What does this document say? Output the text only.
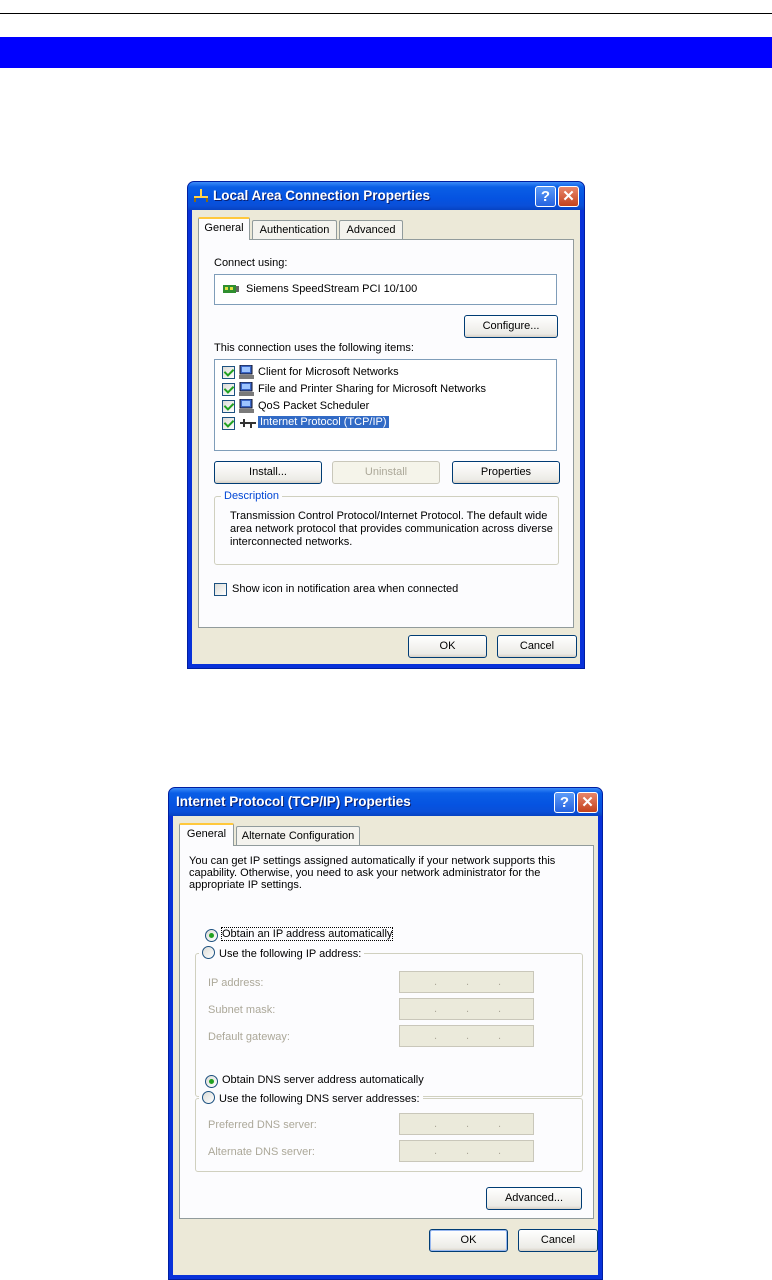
Local Area Connection Properties	? ✕
General	Authentication	Advanced
Connect using:
Siemens SpeedStream PCI 10/100
Configure...
This connection uses the following items:
Client for Microsoft Networks
File and Printer Sharing for Microsoft Networks
QoS Packet Scheduler
Internet Protocol (TCP/IP)
Install...	Uninstall	Properties
Description
Transmission Control Protocol/Internet Protocol. The default wide area network protocol that provides communication across diverse interconnected networks.
Show icon in notification area when connected
OK	Cancel
Internet Protocol (TCP/IP) Properties	? ✕
General	Alternate Configuration
You can get IP settings assigned automatically if your network supports this capability. Otherwise, you need to ask your network administrator for the appropriate IP settings.
Obtain an IP address automatically
Use the following IP address:
IP address:	.	.	.
Subnet mask:	.	.	.
Default gateway:	.	.	.
Obtain DNS server address automatically
Use the following DNS server addresses:
Preferred DNS server:	.	.	.
Alternate DNS server:	.	.	.
Advanced...
OK	Cancel
